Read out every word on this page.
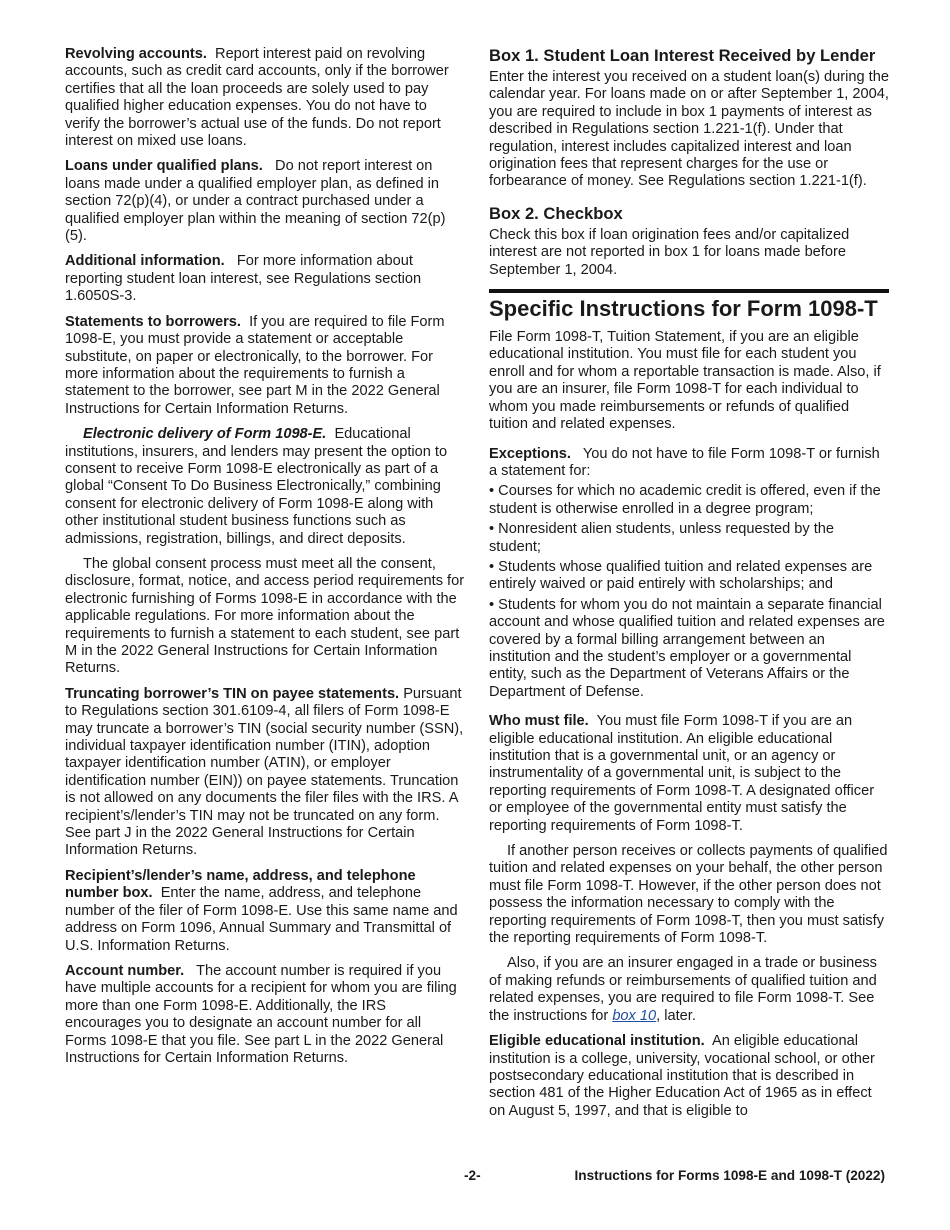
Revolving accounts. Report interest paid on revolving accounts, such as credit card accounts, only if the borrower certifies that all the loan proceeds are solely used to pay qualified higher education expenses. You do not have to verify the borrower’s actual use of the funds. Do not report interest on mixed use loans.

Loans under qualified plans. Do not report interest on loans made under a qualified employer plan, as defined in section 72(p)(4), or under a contract purchased under a qualified employer plan within the meaning of section 72(p)(5).

Additional information. For more information about reporting student loan interest, see Regulations section 1.6050S-3.

Statements to borrowers. If you are required to file Form 1098-E, you must provide a statement or acceptable substitute, on paper or electronically, to the borrower. For more information about the requirements to furnish a statement to the borrower, see part M in the 2022 General Instructions for Certain Information Returns.

Electronic delivery of Form 1098-E. Educational institutions, insurers, and lenders may present the option to consent to receive Form 1098-E electronically as part of a global “Consent To Do Business Electronically,” combining consent for electronic delivery of Form 1098-E along with other institutional student business functions such as admissions, registration, billings, and direct deposits.

The global consent process must meet all the consent, disclosure, format, notice, and access period requirements for electronic furnishing of Forms 1098-E in accordance with the applicable regulations. For more information about the requirements to furnish a statement to each student, see part M in the 2022 General Instructions for Certain Information Returns.

Truncating borrower’s TIN on payee statements. Pursuant to Regulations section 301.6109-4, all filers of Form 1098-E may truncate a borrower’s TIN (social security number (SSN), individual taxpayer identification number (ITIN), adoption taxpayer identification number (ATIN), or employer identification number (EIN)) on payee statements. Truncation is not allowed on any documents the filer files with the IRS. A recipient’s/lender’s TIN may not be truncated on any form. See part J in the 2022 General Instructions for Certain Information Returns.

Recipient’s/lender’s name, address, and telephone number box. Enter the name, address, and telephone number of the filer of Form 1098-E. Use this same name and address on Form 1096, Annual Summary and Transmittal of U.S. Information Returns.

Account number. The account number is required if you have multiple accounts for a recipient for whom you are filing more than one Form 1098-E. Additionally, the IRS encourages you to designate an account number for all Forms 1098-E that you file. See part L in the 2022 General Instructions for Certain Information Returns.

Box 1. Student Loan Interest Received by Lender

Enter the interest you received on a student loan(s) during the calendar year. For loans made on or after September 1, 2004, you are required to include in box 1 payments of interest as described in Regulations section 1.221-1(f). Under that regulation, interest includes capitalized interest and loan origination fees that represent charges for the use or forbearance of money. See Regulations section 1.221-1(f).

Box 2. Checkbox

Check this box if loan origination fees and/or capitalized interest are not reported in box 1 for loans made before September 1, 2004.

Specific Instructions for Form 1098-T

File Form 1098-T, Tuition Statement, if you are an eligible educational institution. You must file for each student you enroll and for whom a reportable transaction is made. Also, if you are an insurer, file Form 1098-T for each individual to whom you made reimbursements or refunds of qualified tuition and related expenses.

Exceptions. You do not have to file Form 1098-T or furnish a statement for:

• Courses for which no academic credit is offered, even if the student is otherwise enrolled in a degree program;

• Nonresident alien students, unless requested by the student;

• Students whose qualified tuition and related expenses are entirely waived or paid entirely with scholarships; and

• Students for whom you do not maintain a separate financial account and whose qualified tuition and related expenses are covered by a formal billing arrangement between an institution and the student’s employer or a governmental entity, such as the Department of Veterans Affairs or the Department of Defense.

Who must file. You must file Form 1098-T if you are an eligible educational institution. An eligible educational institution that is a governmental unit, or an agency or instrumentality of a governmental unit, is subject to the reporting requirements of Form 1098-T. A designated officer or employee of the governmental entity must satisfy the reporting requirements of Form 1098-T.

If another person receives or collects payments of qualified tuition and related expenses on your behalf, the other person must file Form 1098-T. However, if the other person does not possess the information necessary to comply with the reporting requirements of Form 1098-T, then you must satisfy the reporting requirements of Form 1098-T.

Also, if you are an insurer engaged in a trade or business of making refunds or reimbursements of qualified tuition and related expenses, you are required to file Form 1098-T. See the instructions for box 10, later.

Eligible educational institution. An eligible educational institution is a college, university, vocational school, or other postsecondary educational institution that is described in section 481 of the Higher Education Act of 1965 as in effect on August 5, 1997, and that is eligible to

-2-	Instructions for Forms 1098-E and 1098-T (2022)
